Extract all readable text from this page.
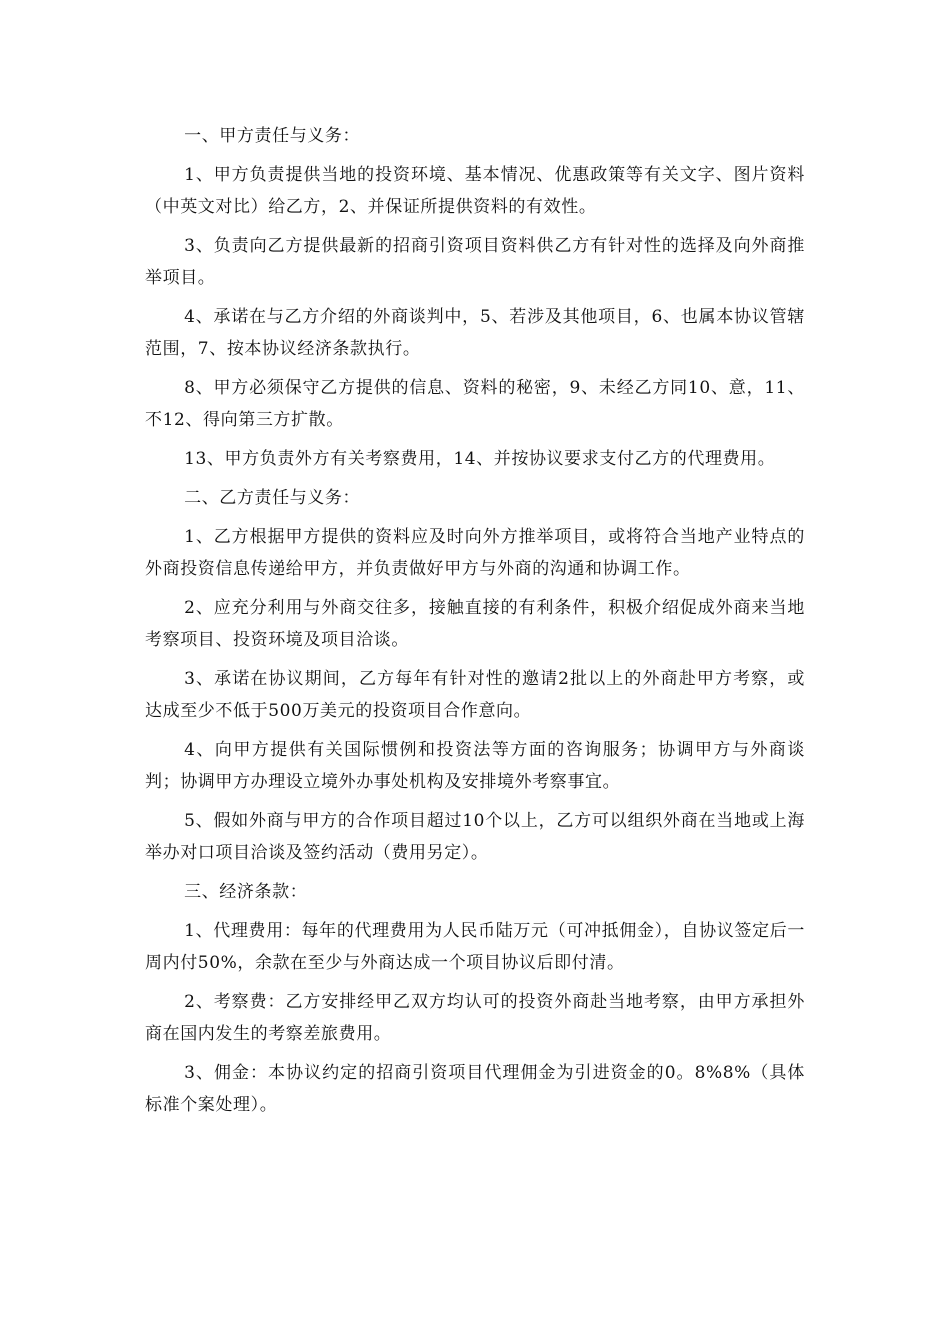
一、甲方责任与义务：

1、甲方负责提供当地的投资环境、基本情况、优惠政策等有关文字、图片资料（中英文对比）给乙方，2、并保证所提供资料的有效性。

3、负责向乙方提供最新的招商引资项目资料供乙方有针对性的选择及向外商推举项目。

4、承诺在与乙方介绍的外商谈判中，5、若涉及其他项目，6、也属本协议管辖范围，7、按本协议经济条款执行。

8、甲方必须保守乙方提供的信息、资料的秘密，9、未经乙方同10、意，11、不12、得向第三方扩散。

13、甲方负责外方有关考察费用，14、并按协议要求支付乙方的代理费用。

二、乙方责任与义务：

1、乙方根据甲方提供的资料应及时向外方推举项目，或将符合当地产业特点的外商投资信息传递给甲方，并负责做好甲方与外商的沟通和协调工作。

2、应充分利用与外商交往多，接触直接的有利条件，积极介绍促成外商来当地考察项目、投资环境及项目洽谈。

3、承诺在协议期间，乙方每年有针对性的邀请2批以上的外商赴甲方考察，或达成至少不低于500万美元的投资项目合作意向。

4、向甲方提供有关国际惯例和投资法等方面的咨询服务；协调甲方与外商谈判；协调甲方办理设立境外办事处机构及安排境外考察事宜。

5、假如外商与甲方的合作项目超过10个以上，乙方可以组织外商在当地或上海举办对口项目洽谈及签约活动（费用另定）。

三、经济条款：

1、代理费用：每年的代理费用为人民币陆万元（可冲抵佣金），自协议签定后一周内付50%，余款在至少与外商达成一个项目协议后即付清。

2、考察费：乙方安排经甲乙双方均认可的投资外商赴当地考察，由甲方承担外商在国内发生的考察差旅费用。

3、佣金：本协议约定的招商引资项目代理佣金为引进资金的0。8%8%（具体标准个案处理）。
